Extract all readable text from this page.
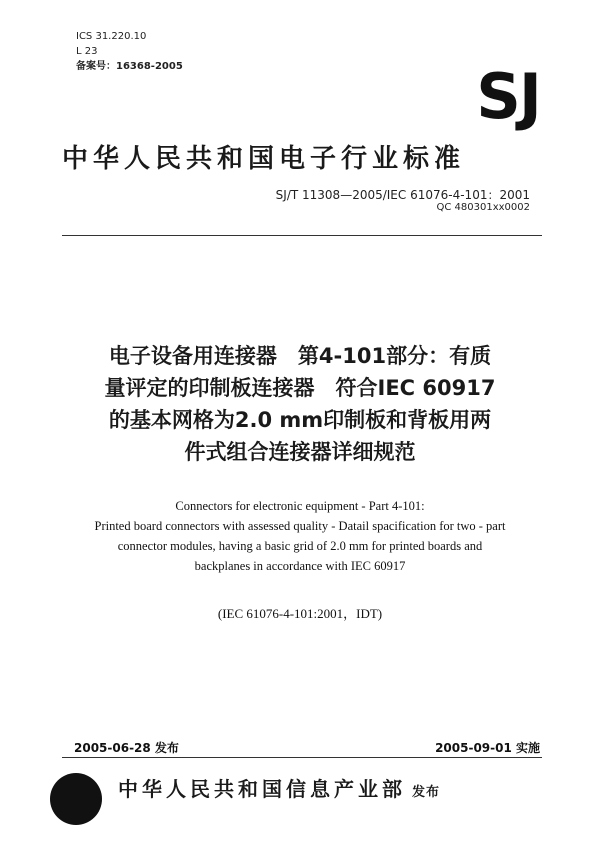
ICS 31.220.10
L 23
备案号：16368-2005	SJ
中华人民共和国电子行业标准
SJ/T 11308—2005/IEC 61076-4-101：2001
QC 480301xx0002
电子设备用连接器　第4-101部分：有质
量评定的印制板连接器　符合IEC 60917
的基本网格为2.0 mm印制板和背板用两
件式组合连接器详细规范
Connectors for electronic equipment - Part 4-101:
Printed board connectors with assessed quality - Datail spacification for two - part
connector modules, having a basic grid of 2.0 mm for printed boards and
backplanes in accordance with IEC 60917
(IEC 61076-4-101:2001，IDT)
2005-06-28 发布	2005-09-01 实施
中华人民共和国信息产业部 发布
